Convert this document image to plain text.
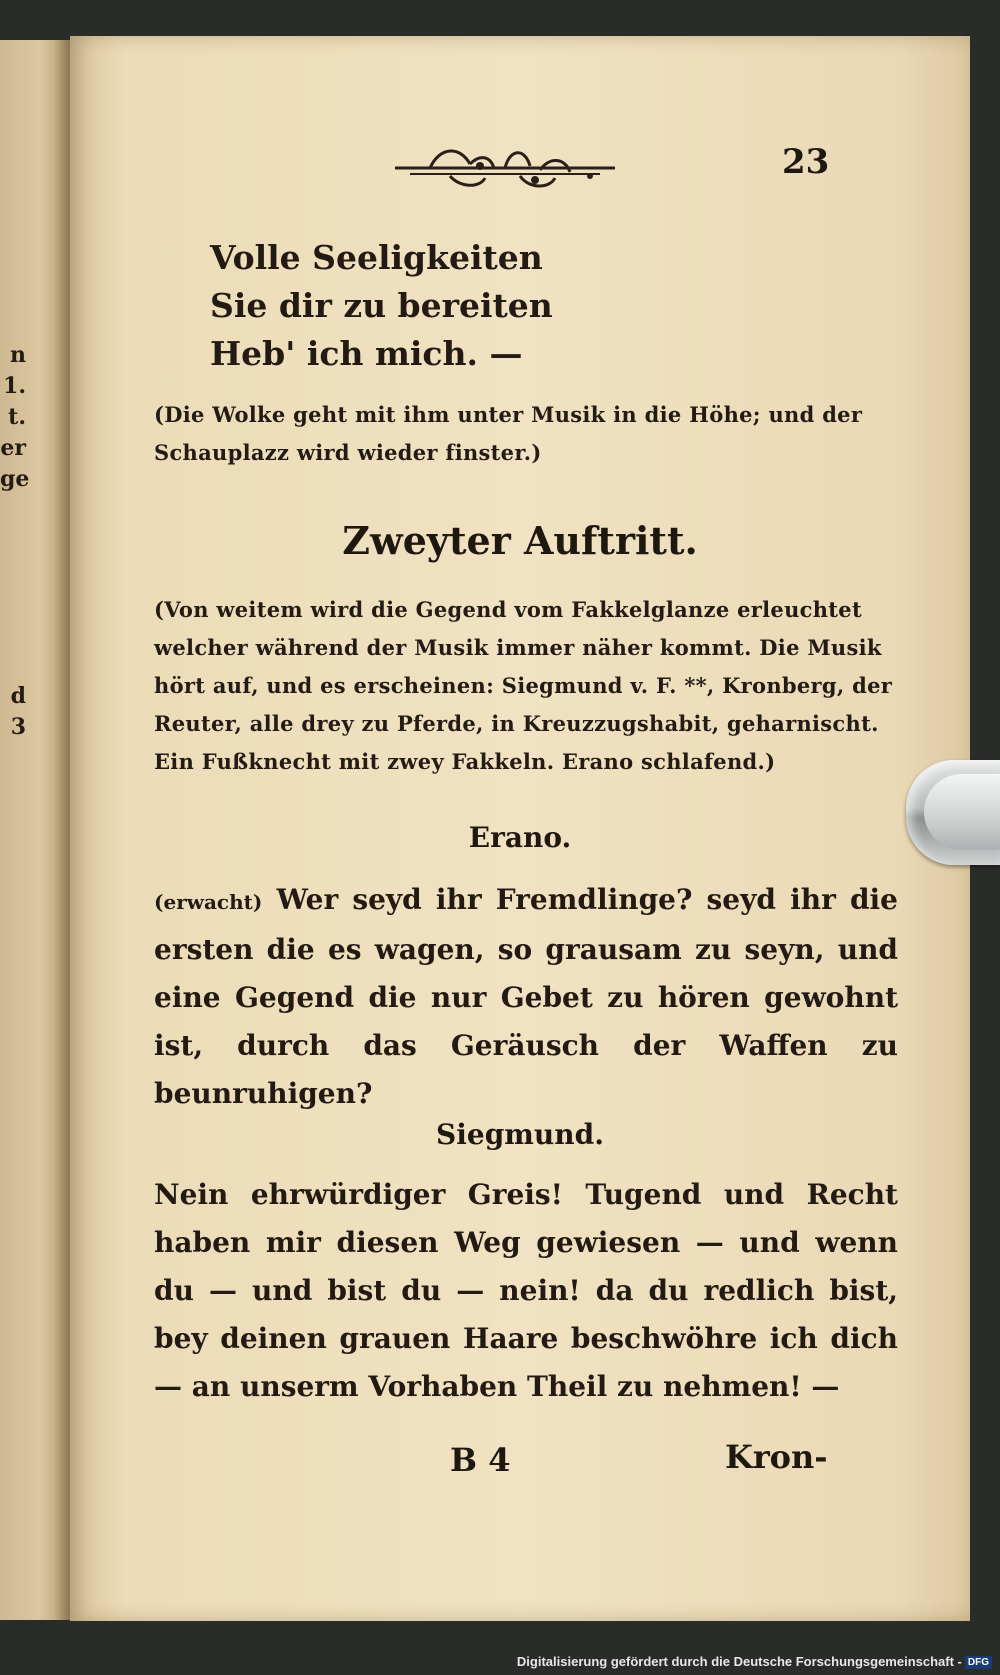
n
1.
t.
er
ge
d
3
23
Volle Seeligkeiten
Sie dir zu bereiten
Heb' ich mich. —
(Die Wolke geht mit ihm unter Musik in die Höhe; und der Schauplazz wird wieder finster.)
Zweyter Auftritt.
(Von weitem wird die Gegend vom Fakkelglanze erleuchtet welcher während der Musik immer näher kommt. Die Musik hört auf, und es erscheinen: Siegmund v. F. **, Kronberg, der Reuter, alle drey zu Pferde, in Kreuzzugshabit, geharnischt. Ein Fußknecht mit zwey Fakkeln. Erano schlafend.)
Erano.
(erwacht) Wer seyd ihr Fremdlinge? seyd ihr die ersten die es wagen, so grausam zu seyn, und eine Gegend die nur Gebet zu hören gewohnt ist, durch das Geräusch der Waffen zu beunruhigen?
Siegmund.
Nein ehrwürdiger Greis! Tugend und Recht haben mir diesen Weg gewiesen — und wenn du — und bist du — nein! da du redlich bist, bey deinen grauen Haare beschwöhre ich dich — an unserm Vorhaben Theil zu nehmen! —
B 4	Kron-
Digitalisierung gefördert durch die Deutsche Forschungsgemeinschaft - DFG
